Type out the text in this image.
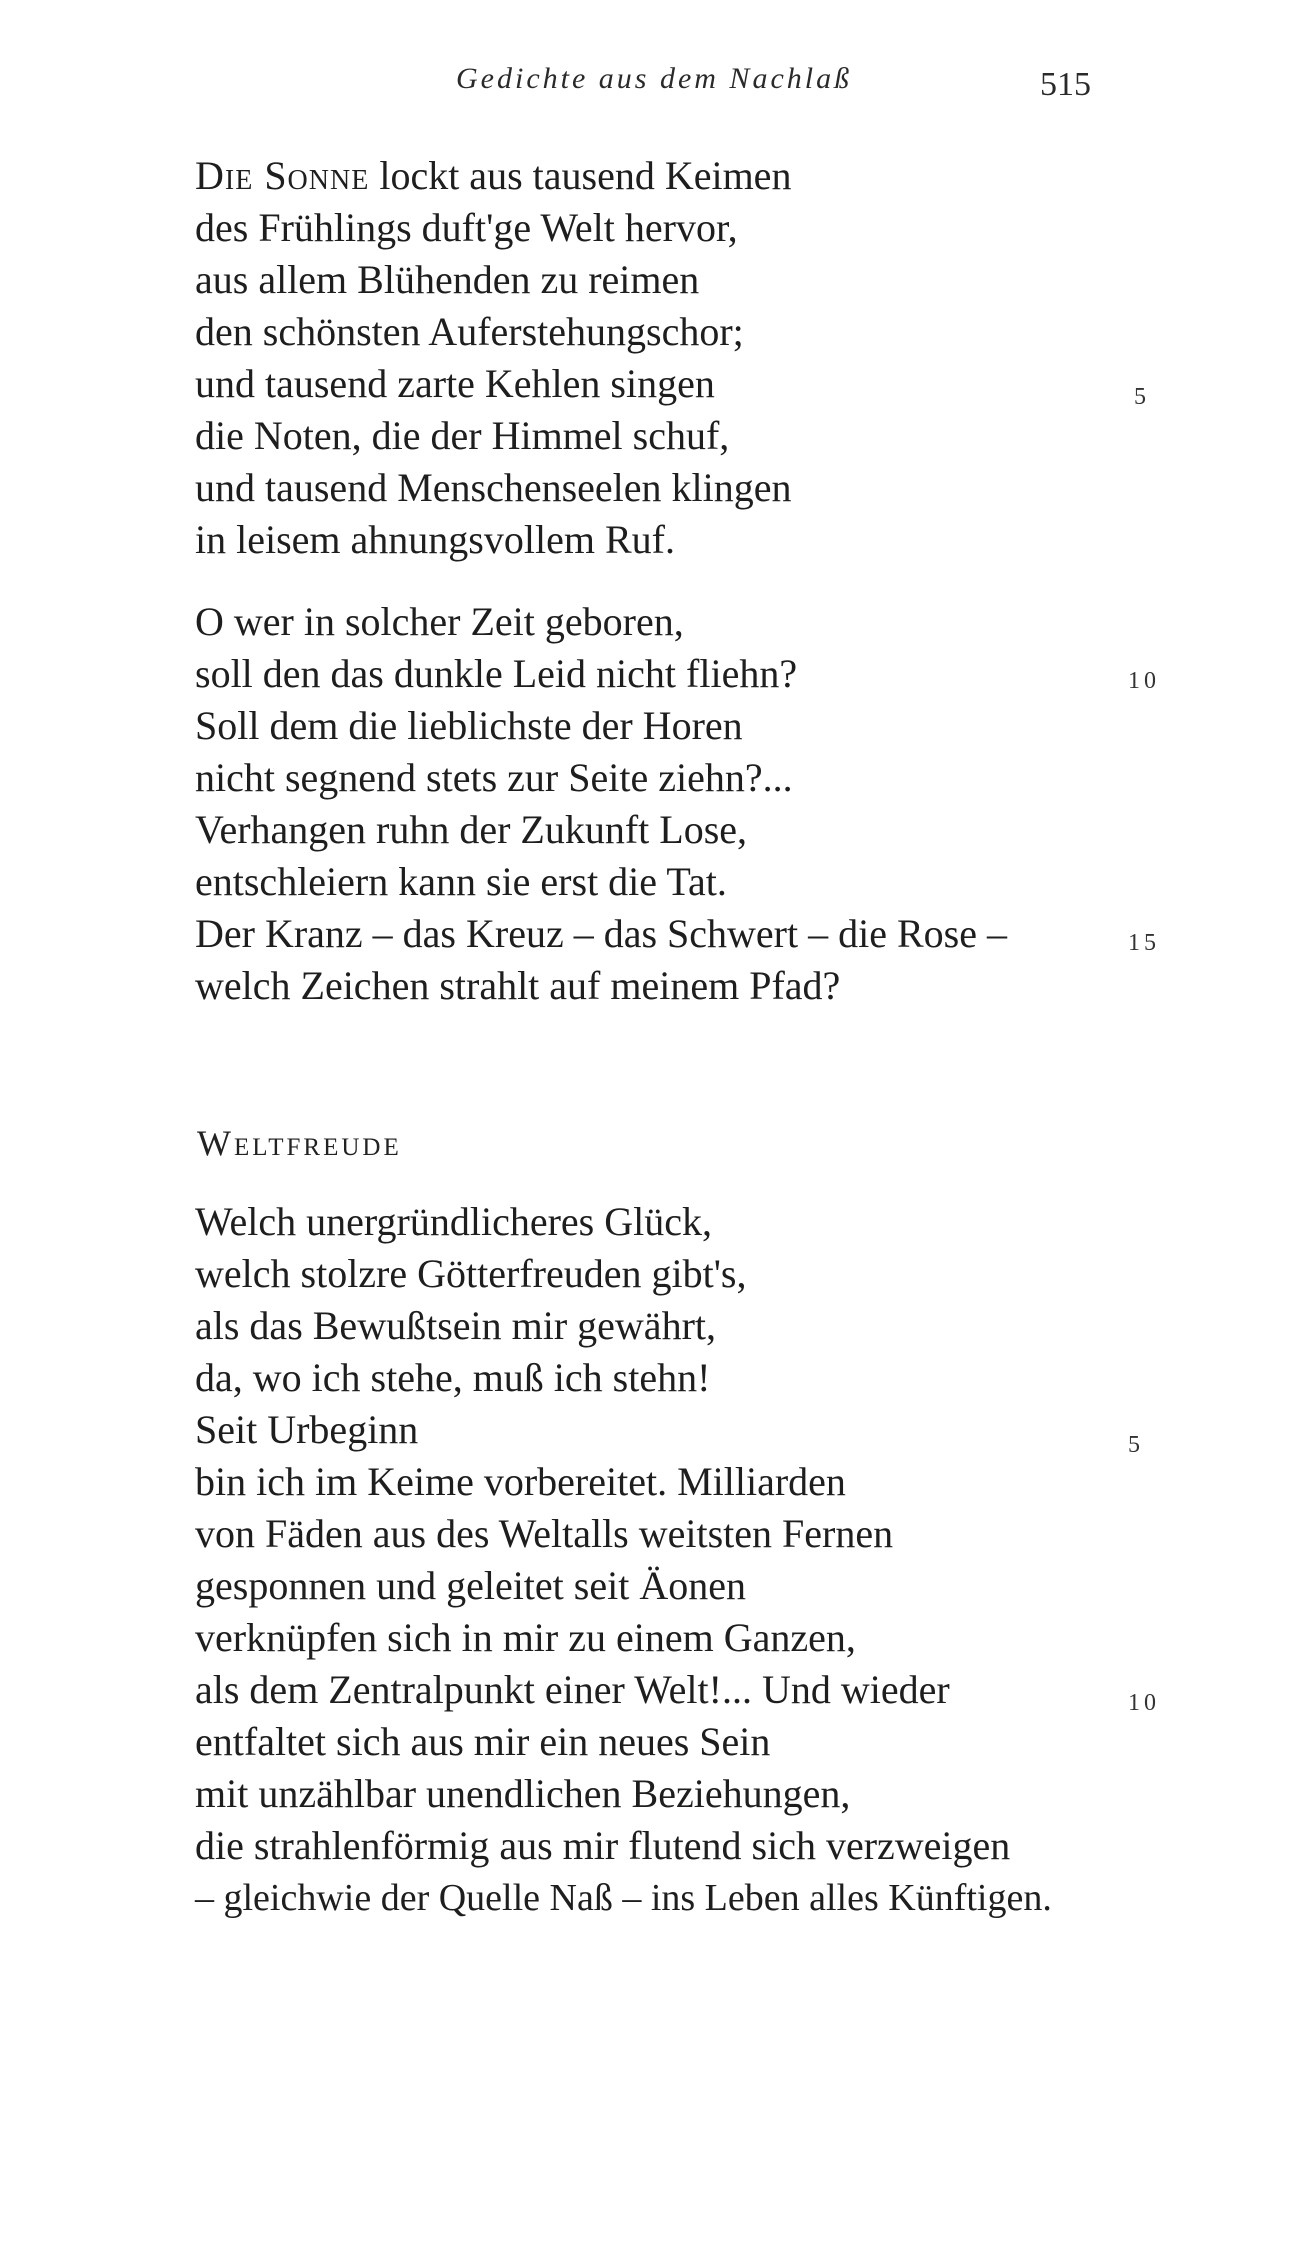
Gedichte aus dem Nachlaß	515
Die Sonne lockt aus tausend Keimen
des Frühlings duft'ge Welt hervor,
aus allem Blühenden zu reimen
den schönsten Auferstehungschor;
und tausend zarte Kehlen singen
die Noten, die der Himmel schuf,
und tausend Menschenseelen klingen
in leisem ahnungsvollem Ruf.
O wer in solcher Zeit geboren,
soll den das dunkle Leid nicht fliehn?
Soll dem die lieblichste der Horen
nicht segnend stets zur Seite ziehn?...
Verhangen ruhn der Zukunft Lose,
entschleiern kann sie erst die Tat.
Der Kranz – das Kreuz – das Schwert – die Rose –
welch Zeichen strahlt auf meinem Pfad?
5
10
15
Weltfreude
Welch unergründlicheres Glück,
welch stolzre Götterfreuden gibt's,
als das Bewußtsein mir gewährt,
da, wo ich stehe, muß ich stehn!
Seit Urbeginn
bin ich im Keime vorbereitet. Milliarden
von Fäden aus des Weltalls weitsten Fernen
gesponnen und geleitet seit Äonen
verknüpfen sich in mir zu einem Ganzen,
als dem Zentralpunkt einer Welt!... Und wieder
entfaltet sich aus mir ein neues Sein
mit unzählbar unendlichen Beziehungen,
die strahlenförmig aus mir flutend sich verzweigen
– gleichwie der Quelle Naß – ins Leben alles Künftigen.
5
10
